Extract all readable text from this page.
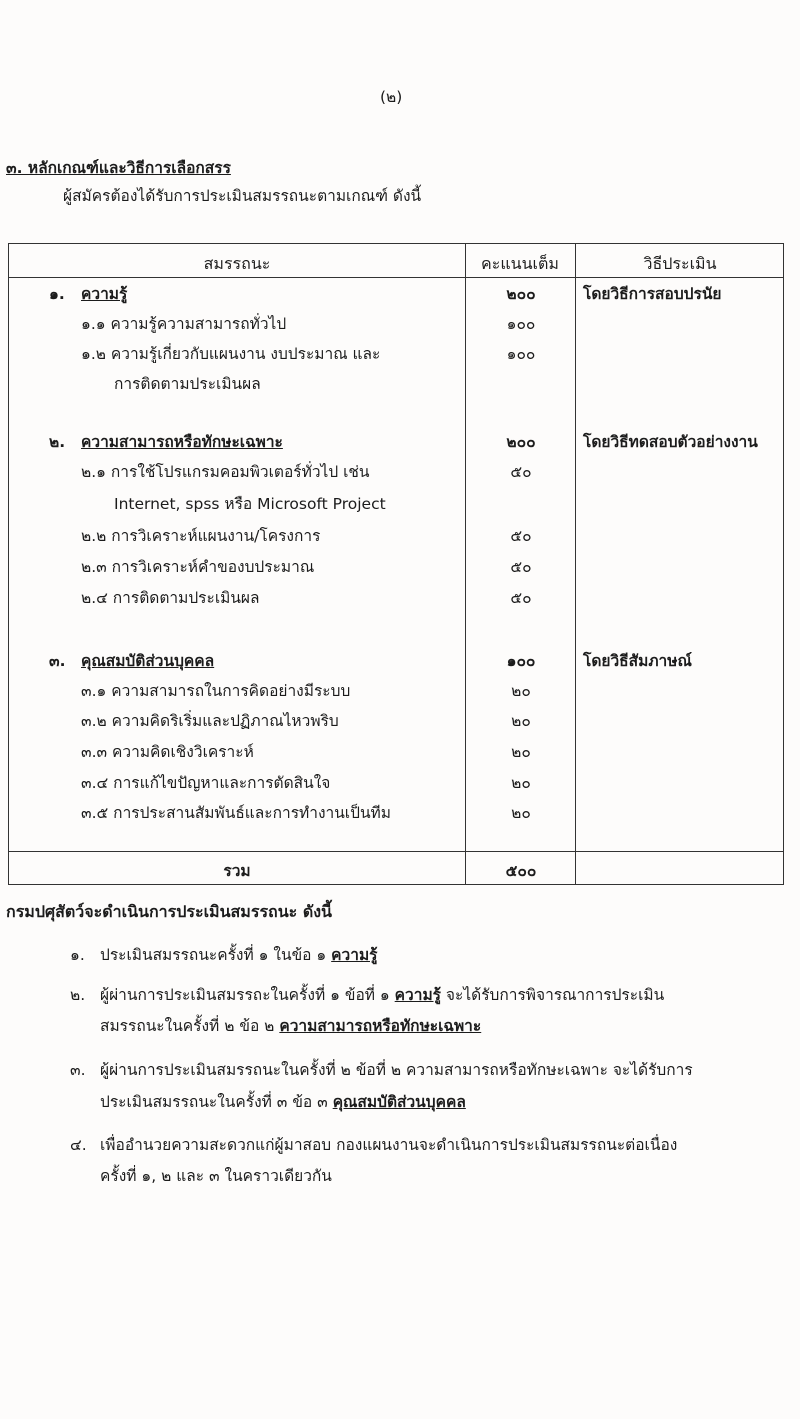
(๒)
๓. หลักเกณฑ์และวิธีการเลือกสรร
ผู้สมัครต้องได้รับการประเมินสมรรถนะตามเกณฑ์ ดังนี้
สมรรถนะ	คะแนนเต็ม	วิธีประเมิน
๑. ความรู้	๒๐๐	โดยวิธีการสอบปรนัย
๑.๑ ความรู้ความสามารถทั่วไป	๑๐๐
๑.๒ ความรู้เกี่ยวกับแผนงาน งบประมาณ และ	๑๐๐
การติดตามประเมินผล
๒. ความสามารถหรือทักษะเฉพาะ	๒๐๐	โดยวิธีทดสอบตัวอย่างงาน
๒.๑ การใช้โปรแกรมคอมพิวเตอร์ทั่วไป เช่น	๕๐
Internet, spss หรือ Microsoft Project
๒.๒ การวิเคราะห์แผนงาน/โครงการ	๕๐
๒.๓ การวิเคราะห์คำของบประมาณ	๕๐
๒.๔ การติดตามประเมินผล	๕๐
๓. คุณสมบัติส่วนบุคคล	๑๐๐	โดยวิธีสัมภาษณ์
๓.๑ ความสามารถในการคิดอย่างมีระบบ	๒๐
๓.๒ ความคิดริเริ่มและปฏิภาณไหวพริบ	๒๐
๓.๓ ความคิดเชิงวิเคราะห์	๒๐
๓.๔ การแก้ไขปัญหาและการตัดสินใจ	๒๐
๓.๕ การประสานสัมพันธ์และการทำงานเป็นทีม	๒๐
รวม	๕๐๐
กรมปศุสัตว์จะดำเนินการประเมินสมรรถนะ ดังนี้
๑. ประเมินสมรรถนะครั้งที่ ๑ ในข้อ ๑ ความรู้
๒. ผู้ผ่านการประเมินสมรรถะในครั้งที่ ๑ ข้อที่ ๑ ความรู้ จะได้รับการพิจารณาการประเมิน
สมรรถนะในครั้งที่ ๒ ข้อ ๒ ความสามารถหรือทักษะเฉพาะ
๓. ผู้ผ่านการประเมินสมรรถนะในครั้งที่ ๒ ข้อที่ ๒ ความสามารถหรือทักษะเฉพาะ จะได้รับการ
ประเมินสมรรถนะในครั้งที่ ๓ ข้อ ๓ คุณสมบัติส่วนบุคคล
๔. เพื่ออำนวยความสะดวกแก่ผู้มาสอบ กองแผนงานจะดำเนินการประเมินสมรรถนะต่อเนื่อง
ครั้งที่ ๑, ๒ และ ๓ ในคราวเดียวกัน
